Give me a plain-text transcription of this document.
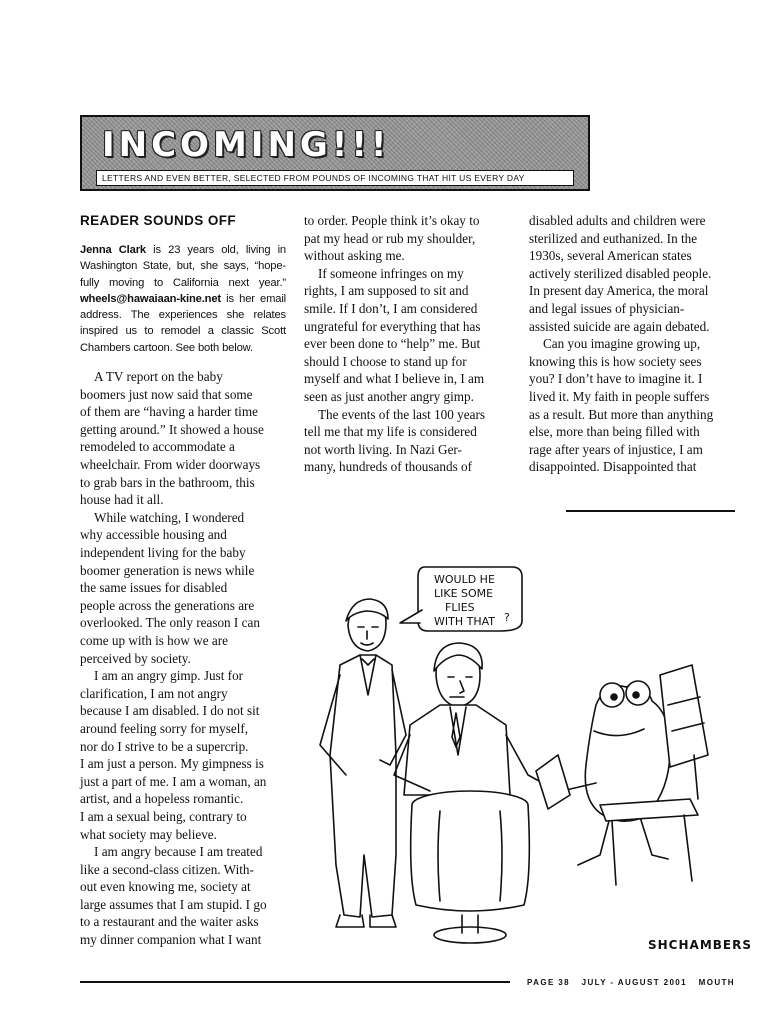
INCOMING!!!
LETTERS AND EVEN BETTER, SELECTED FROM POUNDS OF INCOMING THAT HIT US EVERY DAY
READER SOUNDS OFF
Jenna Clark is 23 years old, living in Washington State, but, she says, “hope-fully moving to California next year.” wheels@hawaiaan-kine.net is her email address. The experiences she relates inspired us to remodel a classic Scott Chambers cartoon. See both below.

A TV report on the baby

boomers just now said that some

of them are “having a harder time

getting around.” It showed a house

remodeled to accommodate a

wheelchair. From wider doorways

to grab bars in the bathroom, this

house had it all.

While watching, I wondered

why accessible housing and

independent living for the baby

boomer generation is news while

the same issues for disabled

people across the generations are

overlooked. The only reason I can

come up with is how we are

perceived by society.

I am an angry gimp. Just for

clarification, I am not angry

because I am disabled. I do not sit

around feeling sorry for myself,

nor do I strive to be a supercrip.

I am just a person. My gimpness is

just a part of me. I am a woman, an

artist, and a hopeless romantic.

I am a sexual being, contrary to

what society may believe.

I am angry because I am treated

like a second-class citizen. With-

out even knowing me, society at

large assumes that I am stupid. I go

to a restaurant and the waiter asks

my dinner companion what I want

to order. People think it’s okay to

pat my head or rub my shoulder,

without asking me.

If someone infringes on my

rights, I am supposed to sit and

smile. If I don’t, I am considered

ungrateful for everything that has

ever been done to “help” me. But

should I choose to stand up for

myself and what I believe in, I am

seen as just another angry gimp.

The events of the last 100 years

tell me that my life is considered

not worth living. In Nazi Ger-

many, hundreds of thousands of

disabled adults and children were

sterilized and euthanized. In the

1930s, several American states

actively sterilized disabled people.

In present day America, the moral

and legal issues of physician-

assisted suicide are again debated.

Can you imagine growing up,

knowing this is how society sees

you? I don’t have to imagine it. I

lived it. My faith in people suffers

as a result. But more than anything

else, more than being filled with

rage after years of injustice, I am

disappointed. Disappointed that

WOULD HE
LIKE SOME
FLIES
WITH THAT ?
SHCHAMBERS
PAGE 38 JULY - AUGUST 2001 MOUTH
